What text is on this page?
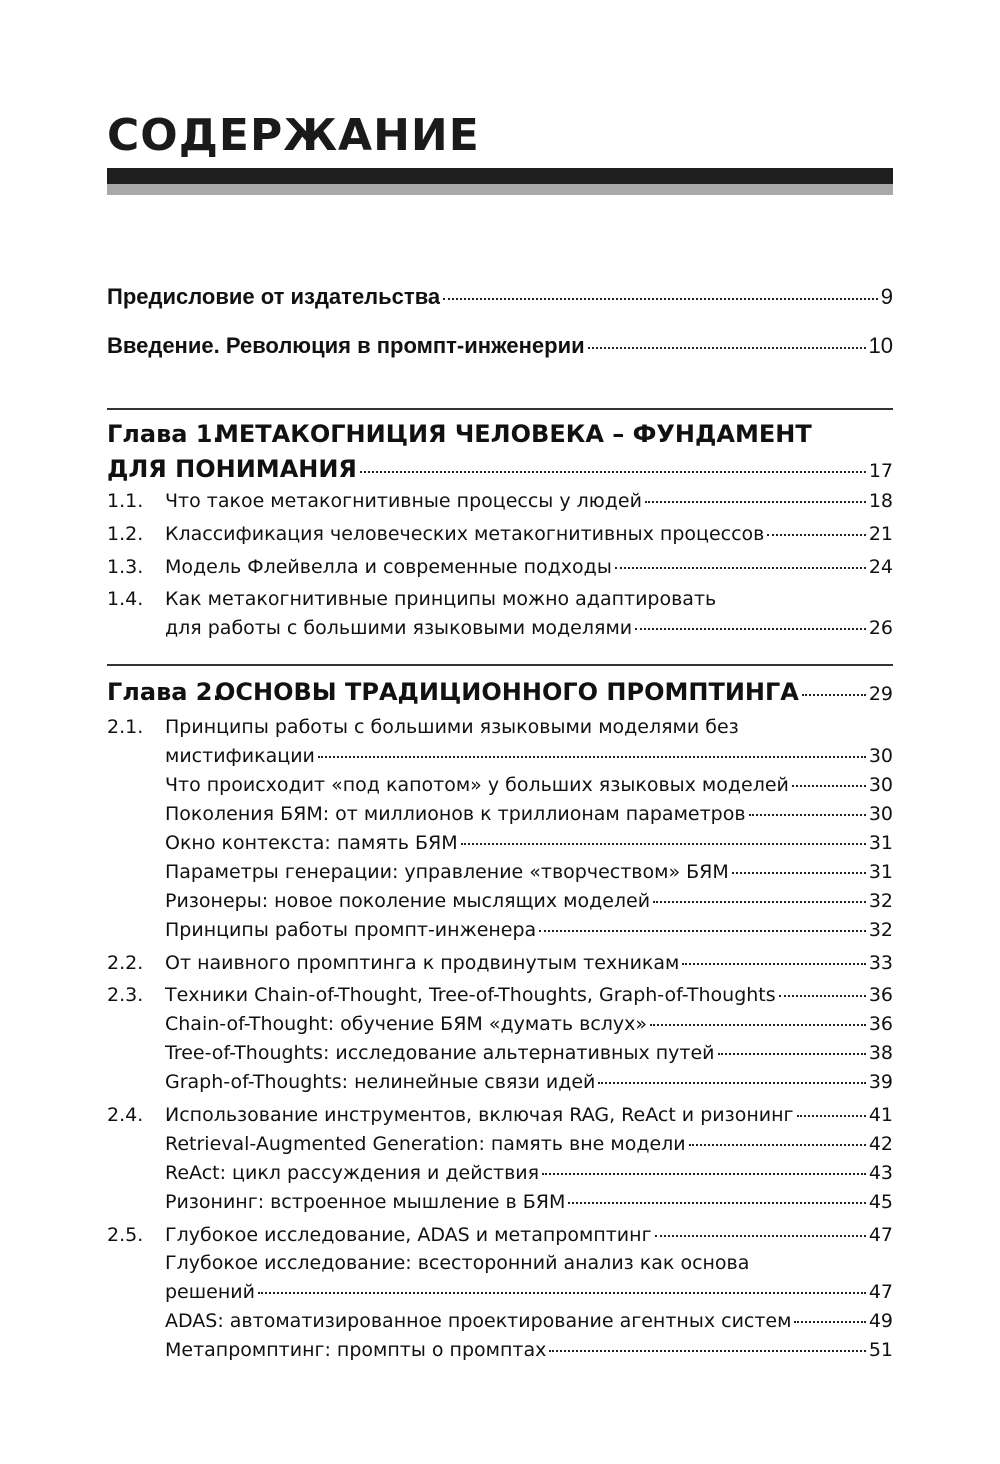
СОДЕРЖАНИЕ
Предисловие от издательства	9
Введение. Революция в промпт-инженерии	10
Глава 1.МЕТАКОГНИЦИЯ ЧЕЛОВЕКА – ФУНДАМЕНТ
ДЛЯ ПОНИМАНИЯ	17
1.1.	Что такое метакогнитивные процессы у людей	18
1.2.	Классификация человеческих метакогнитивных процессов	21
1.3.	Модель Флейвелла и современные подходы	24
1.4. Как метакогнитивные принципы можно адаптировать
для работы с большими языковыми моделями	26
Глава 2.ОСНОВЫ ТРАДИЦИОННОГО ПРОМПТИНГА	29
2.1. Принципы работы с большими языковыми моделями без
мистификации	30
Что происходит «под капотом» у больших языковых моделей	30
Поколения БЯМ: от миллионов к триллионам параметров	30
Окно контекста: память БЯМ	31
Параметры генерации: управление «творчеством» БЯМ	31
Ризонеры: новое поколение мыслящих моделей	32
Принципы работы промпт-инженера	32
2.2.	От наивного промптинга к продвинутым техникам	33
2.3.	Техники Chain-of-Thought, Tree-of-Thoughts, Graph-of-Thoughts	36
Chain-of-Thought: обучение БЯМ «думать вслух»	36
Tree-of-Thoughts: исследование альтернативных путей	38
Graph-of-Thoughts: нелинейные связи идей	39
2.4.	Использование инструментов, включая RAG, ReAct и ризонинг	41
Retrieval-Augmented Generation: память вне модели	42
ReAct: цикл рассуждения и действия	43
Ризонинг: встроенное мышление в БЯМ	45
2.5.	Глубокое исследование, ADAS и метапромптинг	47
Глубокое исследование: всесторонний анализ как основа
решений	47
ADAS: автоматизированное проектирование агентных систем	49
Метапромптинг: промпты о промптах	51
